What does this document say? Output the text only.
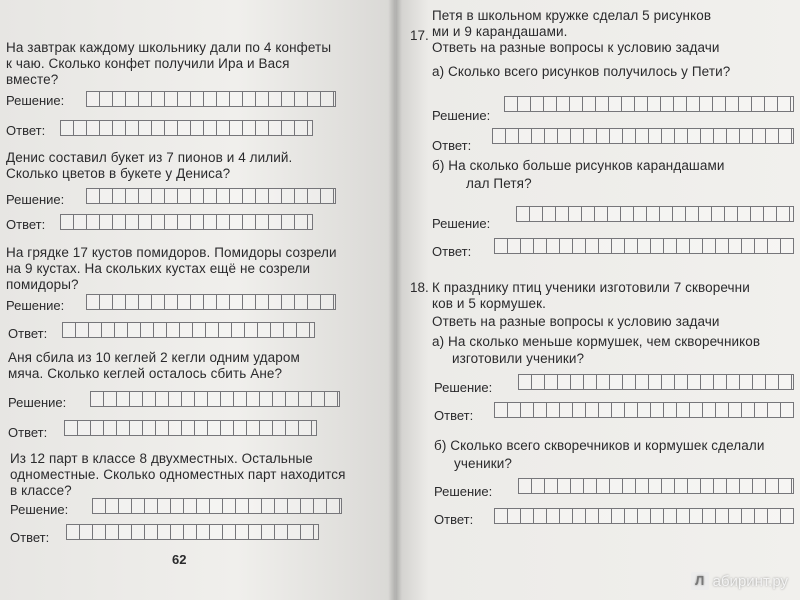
На завтрак каждому школьнику дали по 4 конфеты
к чаю. Сколько конфет получили Ира и Вася
вместе?
Решение:
Ответ:
Денис составил букет из 7 пионов и 4 лилий.
Сколько цветов в букете у Дениса?
Решение:
Ответ:
На грядке 17 кустов помидоров. Помидоры созрели
на 9 кустах. На скольких кустах ещё не созрели
помидоры?
Решение:
Ответ:
Аня сбила из 10 кеглей 2 кегли одним ударом
мяча. Сколько кеглей осталось сбить Ане?
Решение:
Ответ:
Из 12 парт в классе 8 двухместных. Остальные
одноместные. Сколько одноместных парт находится
в классе?
Решение:
Ответ:
62
17.
Петя в школьном кружке сделал 5 рисунков
ми и 9 карандашами.
Ответь на разные вопросы к условию задачи
а) Сколько всего рисунков получилось у Пети?
Решение:
Ответ:
б) На сколько больше рисунков карандашами
лал Петя?
Решение:
Ответ:
18. К празднику птиц ученики изготовили 7 скворечни
ков и 5 кормушек.
Ответь на разные вопросы к условию задачи
а) На сколько меньше кормушек, чем скворечников
изготовили ученики?
Решение:
Ответ:
б) Сколько всего скворечников и кормушек сделали
ученики?
Решение:
Ответ:
Л абиринт.ру
